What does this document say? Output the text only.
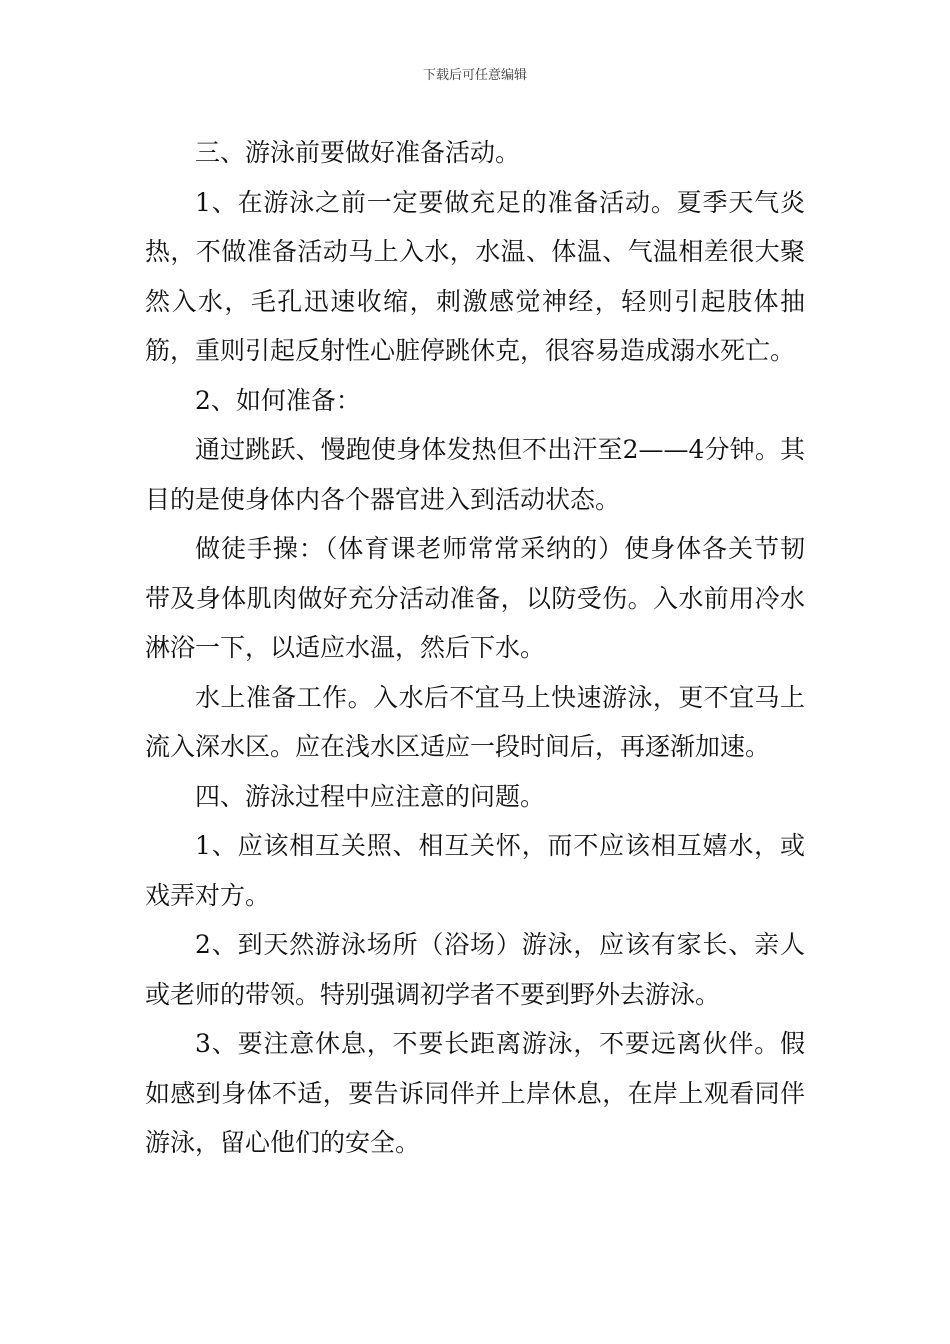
下载后可任意编辑

三、游泳前要做好准备活动。

1、在游泳之前一定要做充足的准备活动。夏季天气炎热，不做准备活动马上入水，水温、体温、气温相差很大聚然入水，毛孔迅速收缩，刺激感觉神经，轻则引起肢体抽筋，重则引起反射性心脏停跳休克，很容易造成溺水死亡。

2、如何准备：

通过跳跃、慢跑使身体发热但不出汗至2——4分钟。其目的是使身体内各个器官进入到活动状态。

做徒手操：（体育课老师常常采纳的）使身体各关节韧带及身体肌肉做好充分活动准备，以防受伤。入水前用冷水淋浴一下，以适应水温，然后下水。

水上准备工作。入水后不宜马上快速游泳，更不宜马上流入深水区。应在浅水区适应一段时间后，再逐渐加速。

四、游泳过程中应注意的问题。

1、应该相互关照、相互关怀，而不应该相互嬉水，或戏弄对方。

2、到天然游泳场所（浴场）游泳，应该有家长、亲人或老师的带领。特别强调初学者不要到野外去游泳。

3、要注意休息，不要长距离游泳，不要远离伙伴。假如感到身体不适，要告诉同伴并上岸休息，在岸上观看同伴游泳，留心他们的安全。
